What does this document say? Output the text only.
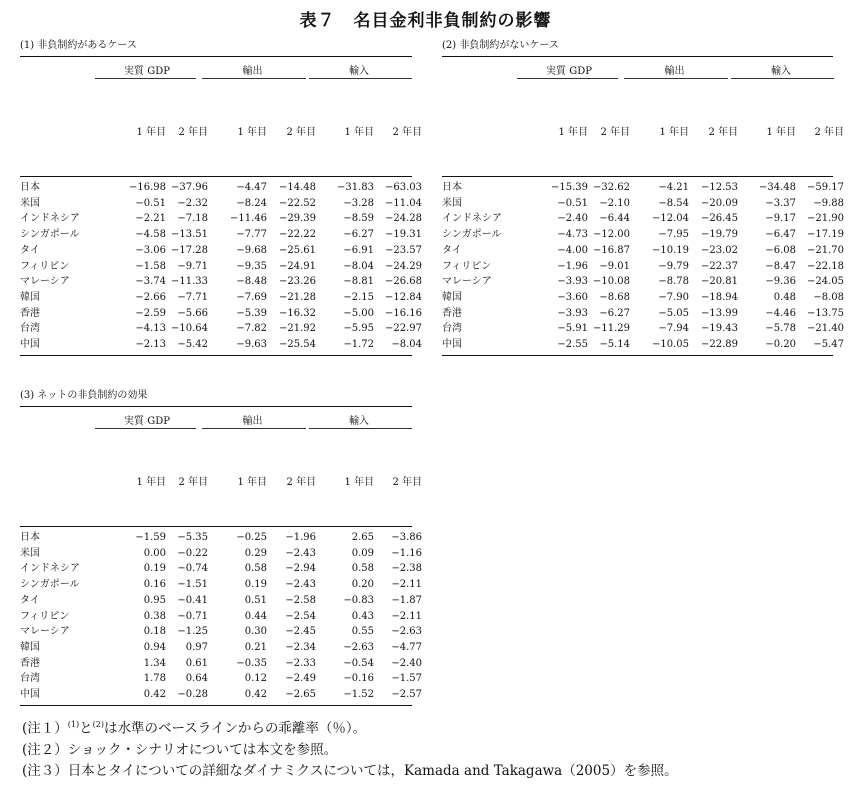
表７　名目金利非負制約の影響
(1) 非負制約があるケース
実質 GDP	輸出	輸入
1 年目	2 年目	1 年目	2 年目	1 年目	2 年目
日本	−16.98 −37.96	−4.47	−14.48	−31.83	−63.03
米国	−0.51	−2.32	−8.24	−22.52	−3.28	−11.04
インドネシア	−2.21	−7.18	−11.46	−29.39	−8.59	−24.28
シンガポール	−4.58 −13.51	−7.77	−22.22	−6.27	−19.31
タイ	−3.06 −17.28	−9.68	−25.61	−6.91	−23.57
フィリピン	−1.58	−9.71	−9.35	−24.91	−8.04	−24.29
マレーシア	−3.74 −11.33	−8.48	−23.26	−8.81	−26.68
韓国	−2.66	−7.71	−7.69	−21.28	−2.15	−12.84
香港	−2.59	−5.66	−5.39	−16.32	−5.00	−16.16
台湾	−4.13 −10.64	−7.82	−21.92	−5.95	−22.97
中国	−2.13	−5.42	−9.63	−25.54	−1.72	−8.04
(2) 非負制約がないケース
実質 GDP	輸出	輸入
1 年目	2 年目	1 年目	2 年目	1 年目	2 年目
日本	−15.39 −32.62	−4.21	−12.53	−34.48	−59.17
米国	−0.51	−2.10	−8.54	−20.09	−3.37	−9.88
インドネシア	−2.40	−6.44	−12.04	−26.45	−9.17	−21.90
シンガポール	−4.73 −12.00	−7.95	−19.79	−6.47	−17.19
タイ	−4.00 −16.87	−10.19	−23.02	−6.08	−21.70
フィリピン	−1.96	−9.01	−9.79	−22.37	−8.47	−22.18
マレーシア	−3.93 −10.08	−8.78	−20.81	−9.36	−24.05
韓国	−3.60	−8.68	−7.90	−18.94	0.48	−8.08
香港	−3.93	−6.27	−5.05	−13.99	−4.46	−13.75
台湾	−5.91 −11.29	−7.94	−19.43	−5.78	−21.40
中国	−2.55	−5.14	−10.05	−22.89	−0.20	−5.47
(3) ネットの非負制約の効果
実質 GDP	輸出	輸入
1 年目	2 年目	1 年目	2 年目	1 年目	2 年目
日本	−1.59	−5.35	−0.25	−1.96	2.65	−3.86
米国	0.00	−0.22	0.29	−2.43	0.09	−1.16
インドネシア	0.19	−0.74	0.58	−2.94	0.58	−2.38
シンガポール	0.16	−1.51	0.19	−2.43	0.20	−2.11
タイ	0.95	−0.41	0.51	−2.58	−0.83	−1.87
フィリピン	0.38	−0.71	0.44	−2.54	0.43	−2.11
マレーシア	0.18	−1.25	0.30	−2.45	0.55	−2.63
韓国	0.94	0.97	0.21	−2.34	−2.63	−4.77
香港	1.34	0.61	−0.35	−2.33	−0.54	−2.40
台湾	1.78	0.64	0.12	−2.49	−0.16	−1.57
中国	0.42	−0.28	0.42	−2.65	−1.52	−2.57
(注１）$^{(1)}$と$^{(2)}$は水準のベースラインからの乖離率（％）。
(注２）ショック・シナリオについては本文を参照。
(注３）日本とタイについての詳細なダイナミクスについては，Kamada and Takagawa（2005）を参照。
